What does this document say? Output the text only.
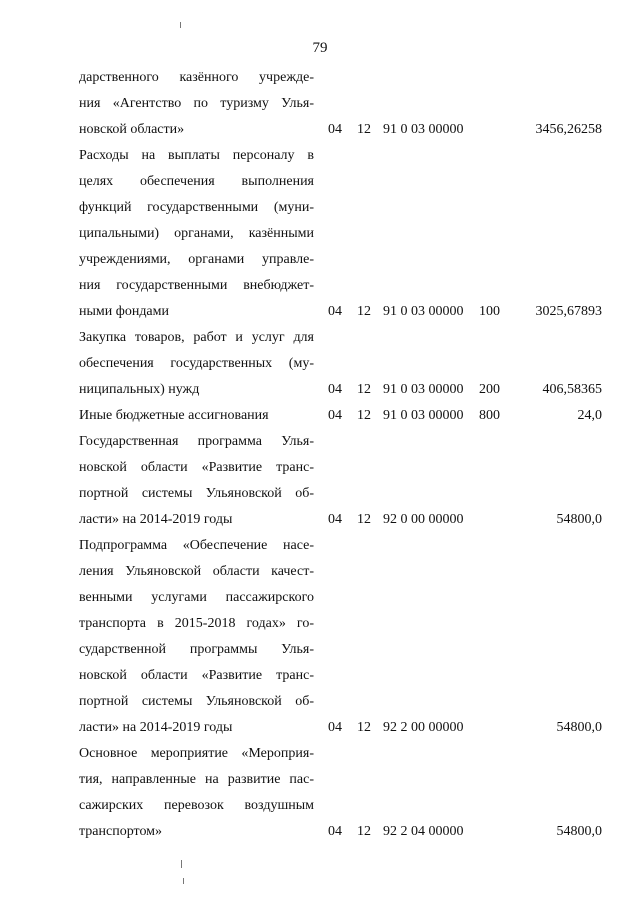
79
дарственного казённого учрежде-
ния «Агентство по туризму Улья-
новской области»	04 12 91 0 03 00000	3456,26258
Расходы на выплаты персоналу в
целях обеспечения выполнения
функций государственными (муни-
ципальными) органами, казёнными
учреждениями, органами управле-
ния государственными внебюджет-
ными фондами	04 12 91 0 03 00000 100	3025,67893
Закупка товаров, работ и услуг для
обеспечения государственных (му-
ниципальных) нужд	04 12 91 0 03 00000 200	406,58365
Иные бюджетные ассигнования	04 12 91 0 03 00000 800	24,0
Государственная программа Улья-
новской области «Развитие транс-
портной системы Ульяновской об-
ласти» на 2014-2019 годы	04 12 92 0 00 00000	54800,0
Подпрограмма «Обеспечение насе-
ления Ульяновской области качест-
венными услугами пассажирского
транспорта в 2015-2018 годах» го-
сударственной программы Улья-
новской области «Развитие транс-
портной системы Ульяновской об-
ласти» на 2014-2019 годы	04 12 92 2 00 00000	54800,0
Основное мероприятие «Мероприя-
тия, направленные на развитие пас-
сажирских перевозок воздушным
транспортом»	04 12 92 2 04 00000	54800,0
